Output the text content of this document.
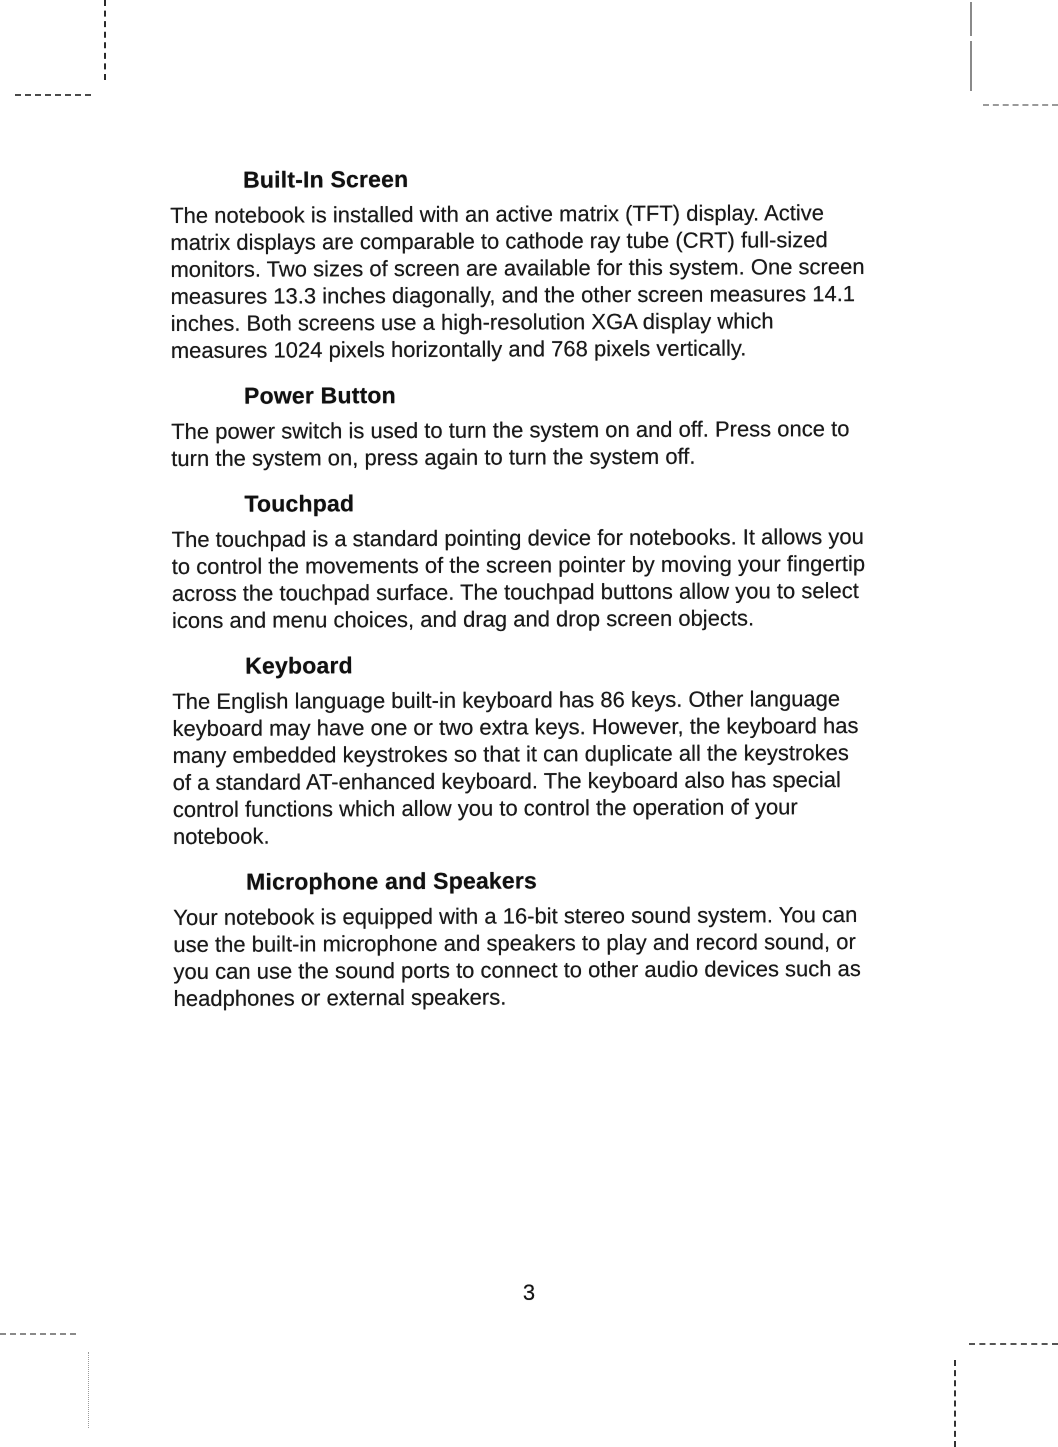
Built-In Screen
The notebook is installed with an active matrix (TFT) display. Active
matrix displays are comparable to cathode ray tube (CRT) full-sized
monitors. Two sizes of screen are available for this system. One screen
measures 13.3 inches diagonally, and the other screen measures 14.1
inches. Both screens use a high-resolution XGA display which
measures 1024 pixels horizontally and 768 pixels vertically.
Power Button
The power switch is used to turn the system on and off. Press once to
turn the system on, press again to turn the system off.
Touchpad
The touchpad is a standard pointing device for notebooks. It allows you
to control the movements of the screen pointer by moving your fingertip
across the touchpad surface. The touchpad buttons allow you to select
icons and menu choices, and drag and drop screen objects.
Keyboard
The English language built-in keyboard has 86 keys. Other language
keyboard may have one or two extra keys. However, the keyboard has
many embedded keystrokes so that it can duplicate all the keystrokes
of a standard AT-enhanced keyboard. The keyboard also has special
control functions which allow you to control the operation of your
notebook.
Microphone and Speakers
Your notebook is equipped with a 16-bit stereo sound system. You can
use the built-in microphone and speakers to play and record sound, or
you can use the sound ports to connect to other audio devices such as
headphones or external speakers.
3
